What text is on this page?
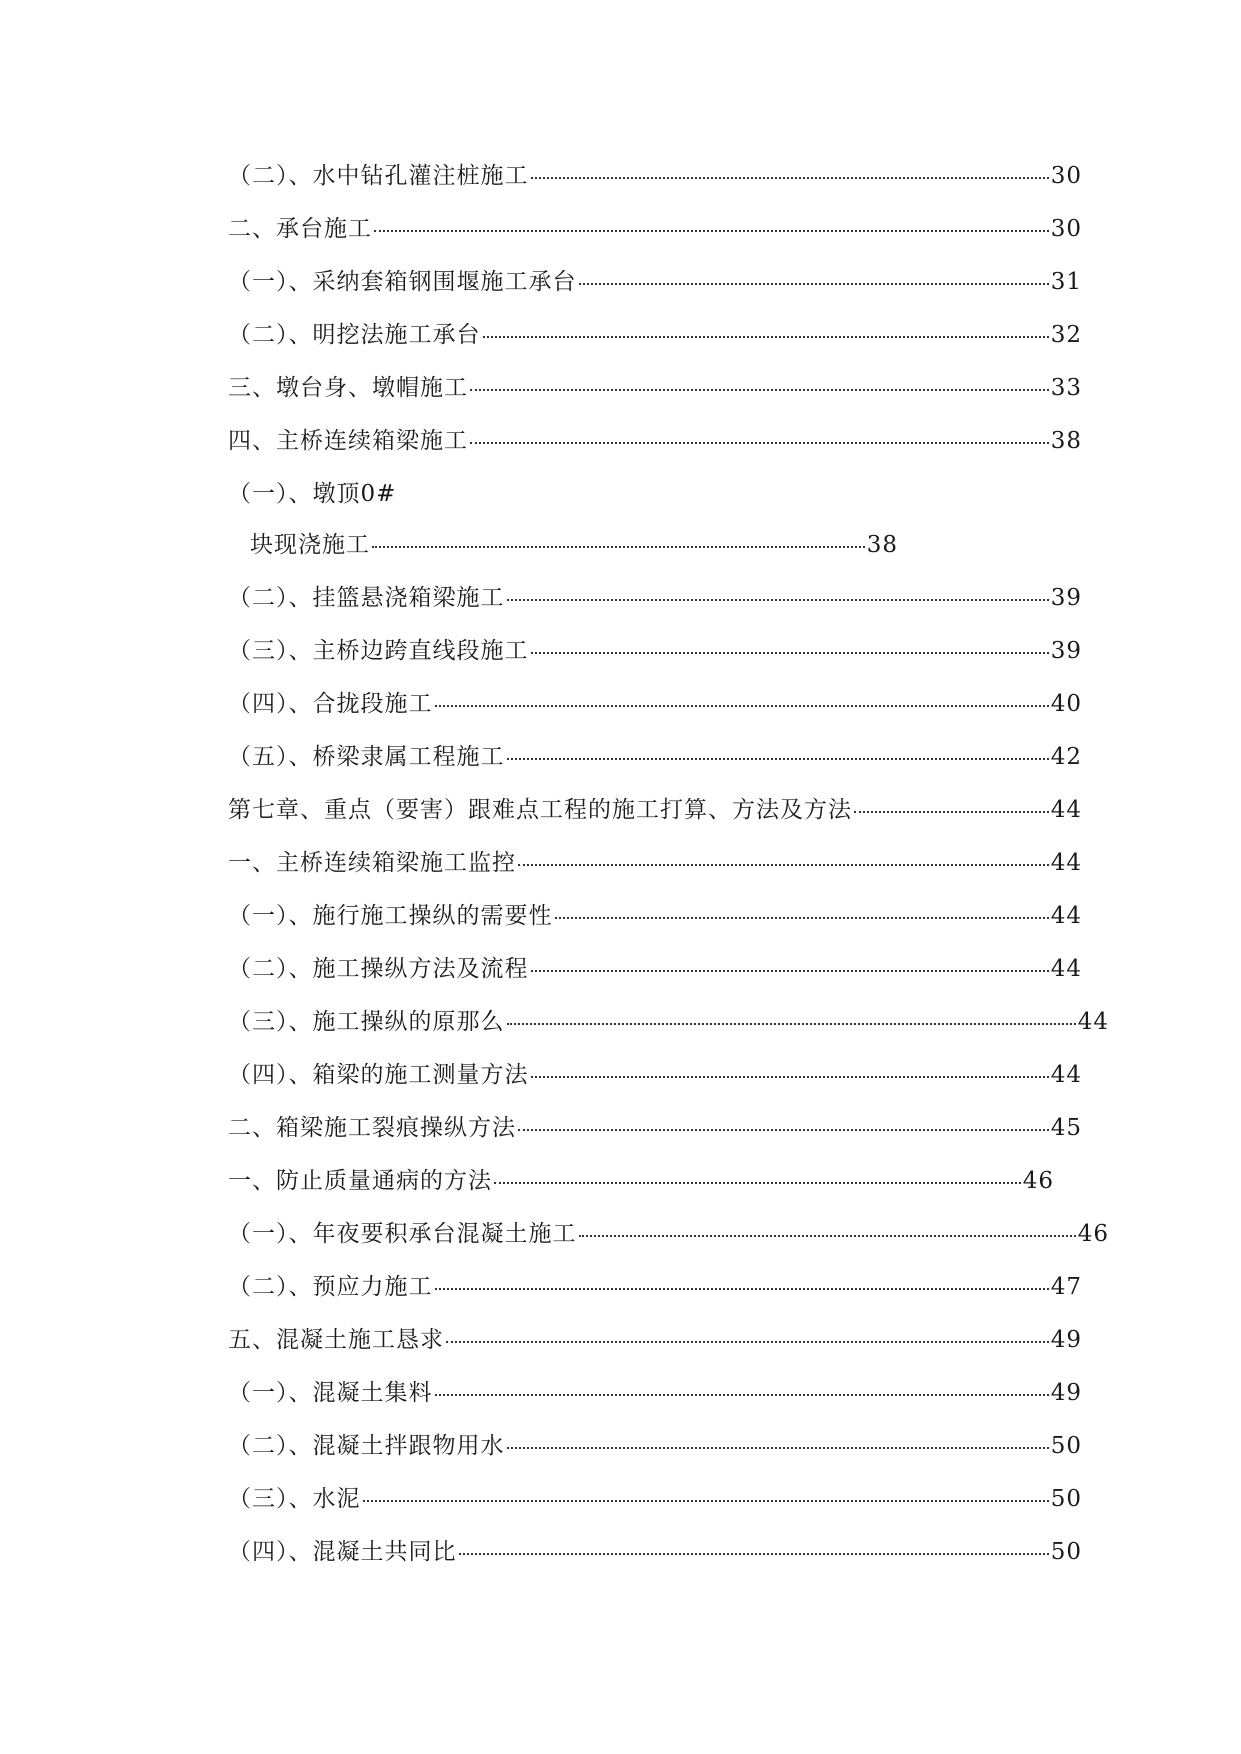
（二）、水中钻孔灌注桩施工	30
二、承台施工	30
（一）、采纳套箱钢围堰施工承台	31
（二）、明挖法施工承台	32
三、墩台身、墩帽施工	33
四、主桥连续箱梁施工	38
（一）、墩顶0#
块现浇施工	38
（二）、挂篮悬浇箱梁施工	39
（三）、主桥边跨直线段施工	39
（四）、合拢段施工	40
（五）、桥梁隶属工程施工	42
第七章、重点（要害）跟难点工程的施工打算、方法及方法	44
一、主桥连续箱梁施工监控	44
（一）、施行施工操纵的需要性	44
（二）、施工操纵方法及流程	44
（三）、施工操纵的原那么	44
（四）、箱梁的施工测量方法	44
二、箱梁施工裂痕操纵方法	45
一、防止质量通病的方法	46
（一）、年夜要积承台混凝土施工	46
（二）、预应力施工	47
五、混凝土施工恳求	49
（一）、混凝土集料	49
（二）、混凝土拌跟物用水	50
（三）、水泥	50
（四）、混凝土共同比	50
